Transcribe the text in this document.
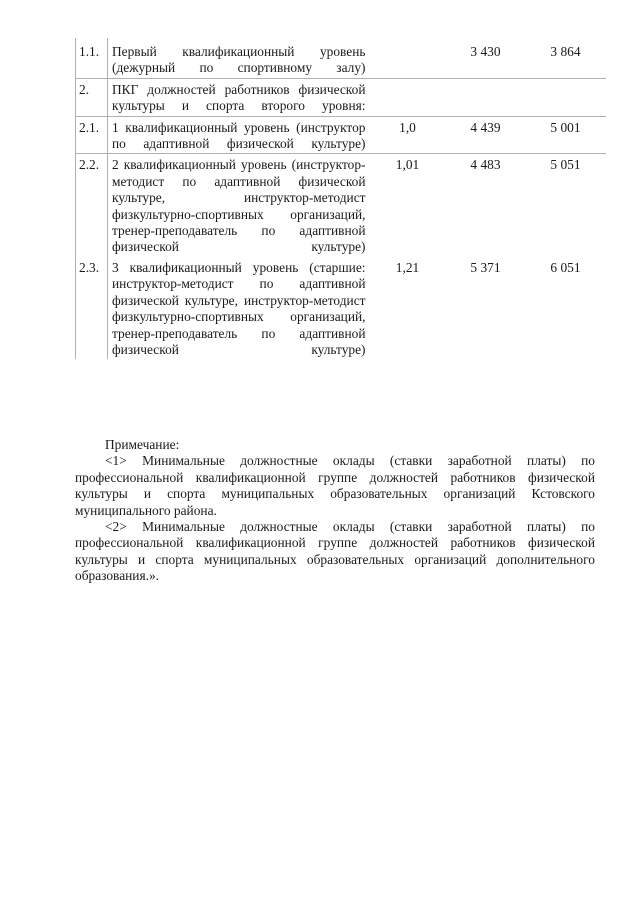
1.1.	Первый квалификационный уровень (дежурный по спортивному залу)		3 430	3 864
2.	ПКГ должностей работников физической культуры и спорта второго уровня:			
2.1.	1 квалификационный уровень (инструктор по адаптивной физической культуре)	1,0	4 439	5 001
2.2.	2 квалификационный уровень (инструктор-методист по адаптивной физической культуре, инструктор-методист физкультурно-спортивных организаций, тренер-преподаватель по адаптивной физической культуре)	1,01	4 483	5 051
2.3.	3 квалификационный уровень (старшие: инструктор-методист по адаптивной физической культуре, инструктор-методист физкультурно-спортивных организаций, тренер-преподаватель по адаптивной физической культуре)	1,21	5 371	6 051

Примечание:

<1> Минимальные должностные оклады (ставки заработной платы) по профессиональной квалификационной группе должностей работников физической культуры и спорта муниципальных образовательных организаций Кстовского муниципального района.

<2> Минимальные должностные оклады (ставки заработной платы) по профессиональной квалификационной группе должностей работников физической культуры и спорта муниципальных образовательных организаций дополнительного образования.».
